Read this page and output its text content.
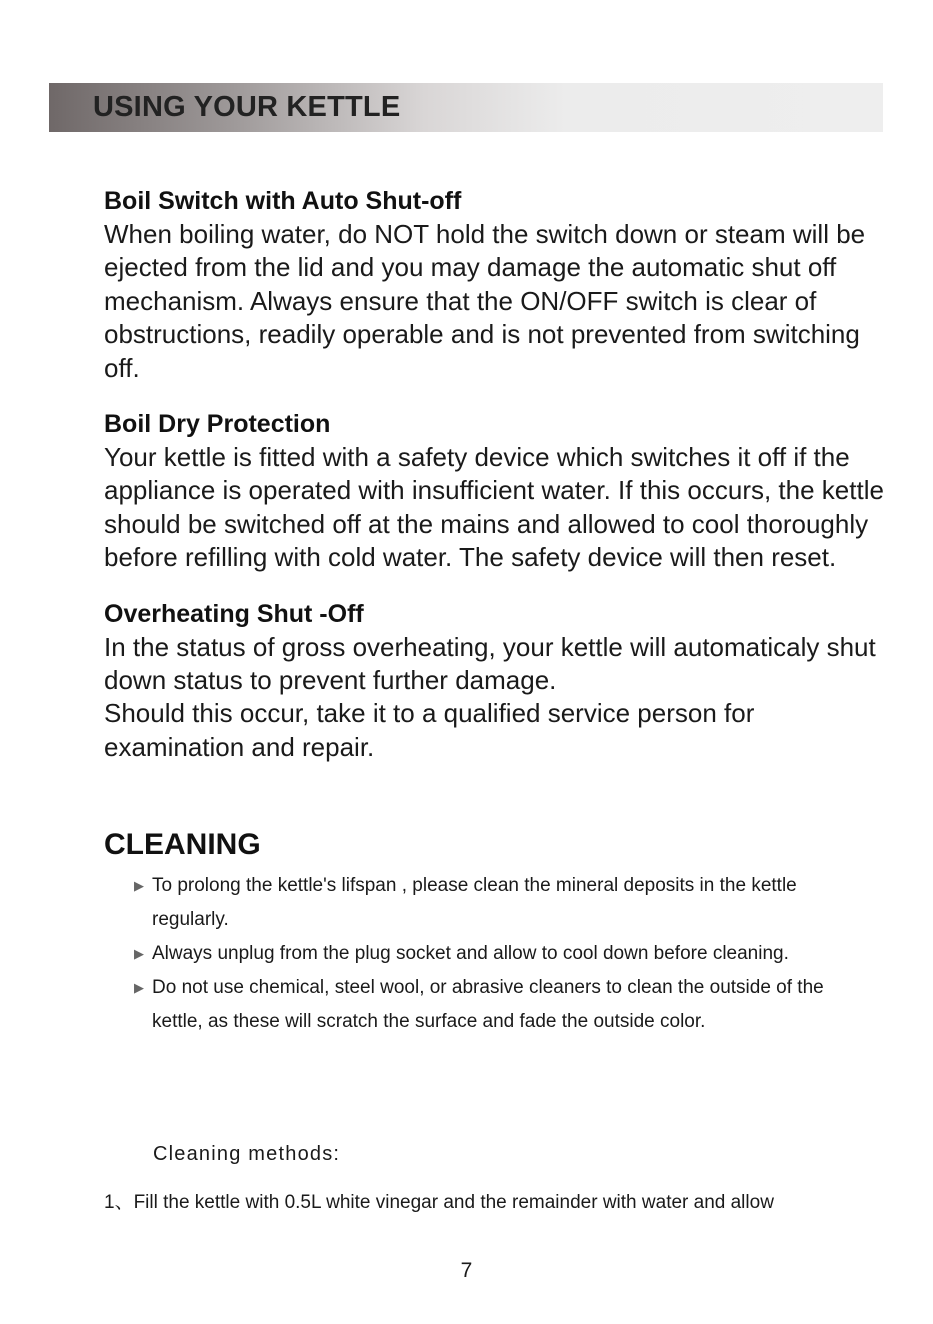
USING YOUR KETTLE
Boil Switch with Auto Shut-off

When boiling water, do NOT hold the switch down or steam will be ejected from the lid and you may damage the automatic shut off mechanism. Always ensure that the ON/OFF switch is clear of obstructions, readily operable and is not prevented from switching off.

Boil Dry Protection

Your kettle is fitted with a safety device which switches it off if the appliance is operated with insufficient water. If this occurs, the kettle should be switched off at the mains and allowed to cool thoroughly before refilling with cold water. The safety device will then reset.

Overheating Shut -Off

In the status of gross overheating, your kettle will automaticaly shut down status to prevent further damage.

Should this occur, take it to a qualified service person for examination and repair.

CLEANING
▶ To prolong the kettle's lifspan , please clean the mineral deposits in the kettle regularly.
▶ Always unplug from the plug socket and allow to cool down before cleaning.
▶ Do not use chemical, steel wool, or abrasive cleaners to clean the outside of the kettle, as these will scratch the surface and fade the outside color.
Cleaning methods:
1、Fill the kettle with 0.5L white vinegar and the remainder with water and allow
7
